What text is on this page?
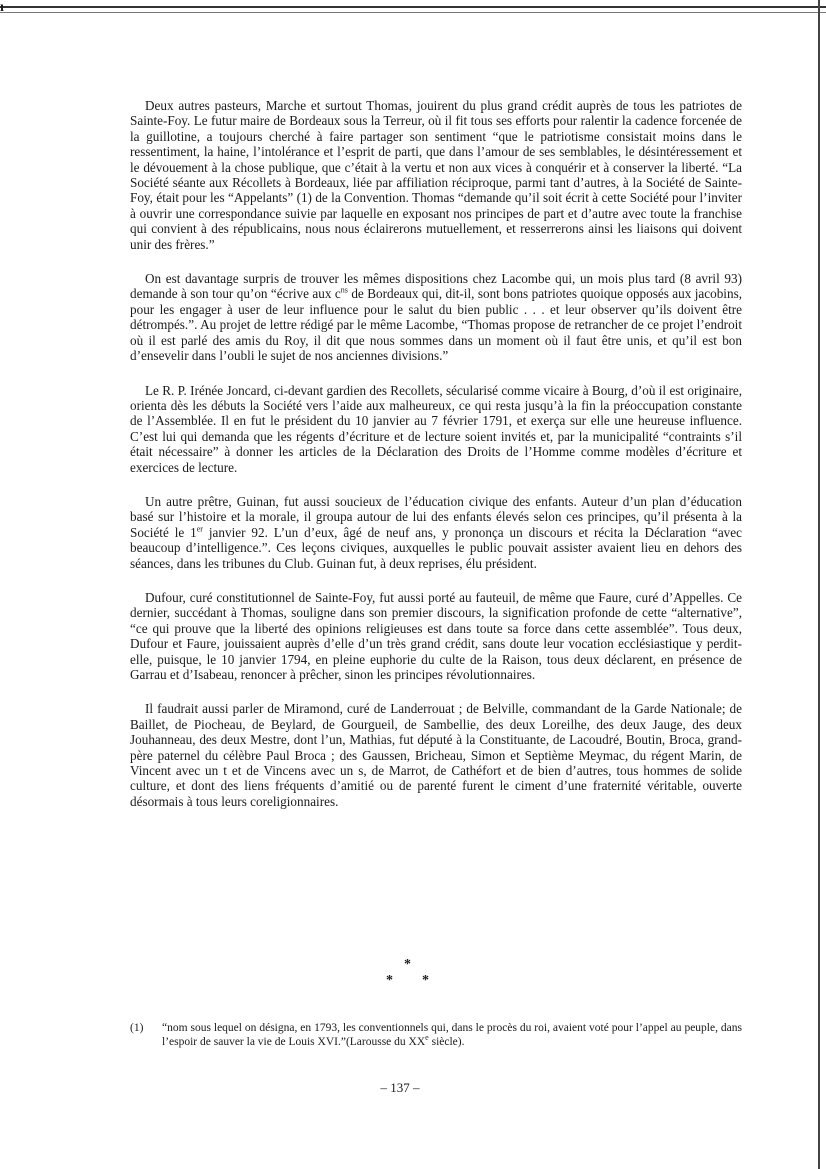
ı

Deux autres pasteurs, Marche et surtout Thomas, jouirent du plus grand crédit auprès de tous les patriotes de Sainte-Foy. Le futur maire de Bordeaux sous la Terreur, où il fit tous ses efforts pour ralentir la cadence forcenée de la guillotine, a toujours cherché à faire partager son sentiment “que le patriotisme consistait moins dans le ressentiment, la haine, l’intolérance et l’esprit de parti, que dans l’amour de ses semblables, le désintéressement et le dévouement à la chose publique, que c’était à la vertu et non aux vices à conquérir et à conserver la liberté. “La Société séante aux Récollets à Bordeaux, liée par affiliation réciproque, parmi tant d’autres, à la Société de Sainte-Foy, était pour les “Appelants” (1) de la Convention. Thomas “demande qu’il soit écrit à cette Société pour l’inviter à ouvrir une correspondance suivie par laquelle en exposant nos principes de part et d’autre avec toute la franchise qui convient à des républicains, nous nous éclairerons mutuellement, et resserrerons ainsi les liaisons qui doivent unir des frères.”

On est davantage surpris de trouver les mêmes dispositions chez Lacombe qui, un mois plus tard (8 avril 93) demande à son tour qu’on “écrive aux $c^{ns}$ de Bordeaux qui, dit-il, sont bons patriotes quoique opposés aux jacobins, pour les engager à user de leur influence pour le salut du bien public . . . et leur observer qu’ils doivent être détrompés.”. Au projet de lettre rédigé par le même Lacombe, “Thomas propose de retrancher de ce projet l’endroit où il est parlé des amis du Roy, il dit que nous sommes dans un moment où il faut être unis, et qu’il est bon d’ensevelir dans l’oubli le sujet de nos anciennes divisions.”

Le R. P. Irénée Joncard, ci-devant gardien des Recollets, sécularisé comme vicaire à Bourg, d’où il est originaire, orienta dès les débuts la Société vers l’aide aux malheureux, ce qui resta jusqu’à la fin la préoccupation constante de l’Assemblée. Il en fut le président du 10 janvier au 7 février 1791, et exerça sur elle une heureuse influence. C’est lui qui demanda que les régents d’écriture et de lecture soient invités et, par la municipalité “contraints s’il était nécessaire” à donner les articles de la Déclaration des Droits de l’Homme comme modèles d’écriture et exercices de lecture.

Un autre prêtre, Guinan, fut aussi soucieux de l’éducation civique des enfants. Auteur d’un plan d’éducation basé sur l’histoire et la morale, il groupa autour de lui des enfants élevés selon ces principes, qu’il présenta à la Société le 1er janvier 92. L’un d’eux, âgé de neuf ans, y prononça un discours et récita la Déclaration “avec beaucoup d’intelligence.”. Ces leçons civiques, auxquelles le public pouvait assister avaient lieu en dehors des séances, dans les tribunes du Club. Guinan fut, à deux reprises, élu président.

Dufour, curé constitutionnel de Sainte-Foy, fut aussi porté au fauteuil, de même que Faure, curé d’Appelles. Ce dernier, succédant à Thomas, souligne dans son premier discours, la signification profonde de cette “alternative”, “ce qui prouve que la liberté des opinions religieuses est dans toute sa force dans cette assemblée”. Tous deux, Dufour et Faure, jouissaient auprès d’elle d’un très grand crédit, sans doute leur vocation ecclésiastique y perdit-elle, puisque, le 10 janvier 1794, en pleine euphorie du culte de la Raison, tous deux déclarent, en présence de Garrau et d’Isabeau, renoncer à prêcher, sinon les principes révolutionnaires.

Il faudrait aussi parler de Miramond, curé de Landerrouat ; de Belville, commandant de la Garde Nationale; de Baillet, de Piocheau, de Beylard, de Gourgueil, de Sambellie, des deux Loreilhe, des deux Jauge, des deux Jouhanneau, des deux Mestre, dont l’un, Mathias, fut député à la Constituante, de Lacoudré, Boutin, Broca, grand-père paternel du célèbre Paul Broca ; des Gaussen, Bricheau, Simon et Septième Meymac, du régent Marin, de Vincent avec un t et de Vincens avec un s, de Marrot, de Cathéfort et de bien d’autres, tous hommes de solide culture, et dont des liens fréquents d’amitié ou de parenté furent le ciment d’une fraternité véritable, ouverte désormais à tous leurs coreligionnaires.

*
* *
(1)	“nom sous lequel on désigna, en 1793, les conventionnels qui, dans le procès du roi, avaient voté pour l’appel au peuple, dans l’espoir de sauver la vie de Louis XVI.”(Larousse du XXe siècle).
– 137 –
